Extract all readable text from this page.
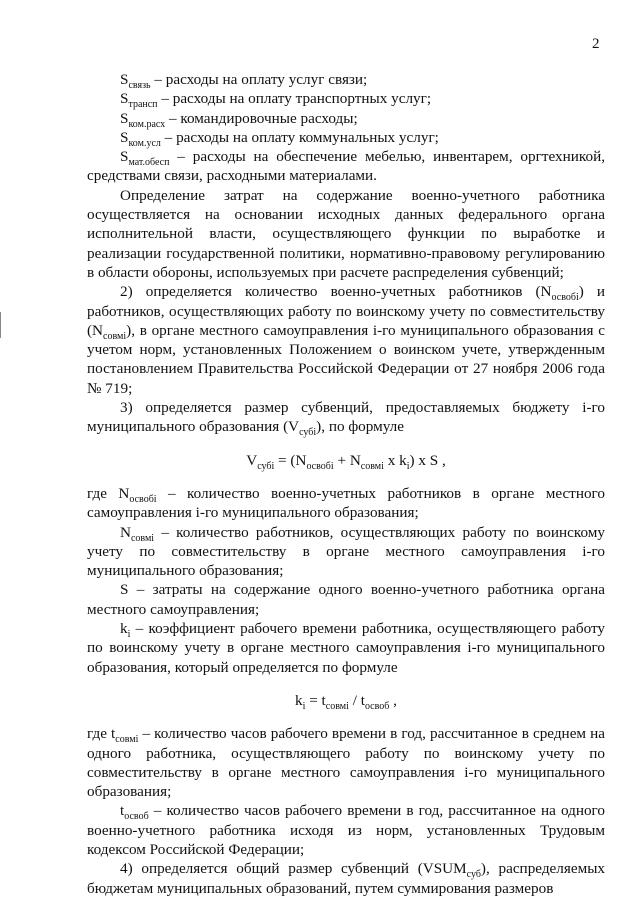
2

$S_{связь}$ – расходы на оплату услуг связи;

$S_{трансп}$ – расходы на оплату транспортных услуг;

$S_{ком.расх}$ – командировочные расходы;

$S_{ком.усл}$ – расходы на оплату коммунальных услуг;

$S_{мат.обесп}$ – расходы на обеспечение мебелью, инвентарем, оргтехникой, средствами связи, расходными материалами.

Определение затрат на содержание военно-учетного работника осуществляется на основании исходных данных федерального органа исполнительной власти, осуществляющего функции по выработке и реализации государственной политики, нормативно-правовому регулированию в области обороны, используемых при расчете распределения субвенций;

2) определяется количество военно-учетных работников $(N_{освобi})$ и работников, осуществляющих работу по воинскому учету по совместительству $(N_{совмi})$, в органе местного самоуправления i-го муниципального образования с учетом норм, установленных Положением о воинском учете, утвержденным постановлением Правительства Российской Федерации от 27 ноября 2006 года № 719;

3) определяется размер субвенций, предоставляемых бюджету i-го муниципального образования $(V_{субi})$, по формуле

$V_{субi} = (N_{освобi} + N_{совмi}$ x $k_i$) x S ,

где $N_{освобi}$ – количество военно-учетных работников в органе местного самоуправления i-го муниципального образования;

$N_{совмi}$ – количество работников, осуществляющих работу по воинскому учету по совместительству в органе местного самоуправления i-го муниципального образования;

S – затраты на содержание одного военно-учетного работника органа местного самоуправления;

$k_i$ – коэффициент рабочего времени работника, осуществляющего работу по воинскому учету в органе местного самоуправления i-го муниципального образования, который определяется по формуле

$k_i = t_{совмi} / t_{освоб}$ ,

где $t_{совмi}$ – количество часов рабочего времени в год, рассчитанное в среднем на одного работника, осуществляющего работу по воинскому учету по совместительству в органе местного самоуправления i-го муниципального образования;

$t_{освоб}$ – количество часов рабочего времени в год, рассчитанное на одного военно-учетного работника исходя из норм, установленных Трудовым кодексом Российской Федерации;

4) определяется общий размер субвенций $(VSUM_{суб})$, распределяемых бюджетам муниципальных образований, путем суммирования размеров
